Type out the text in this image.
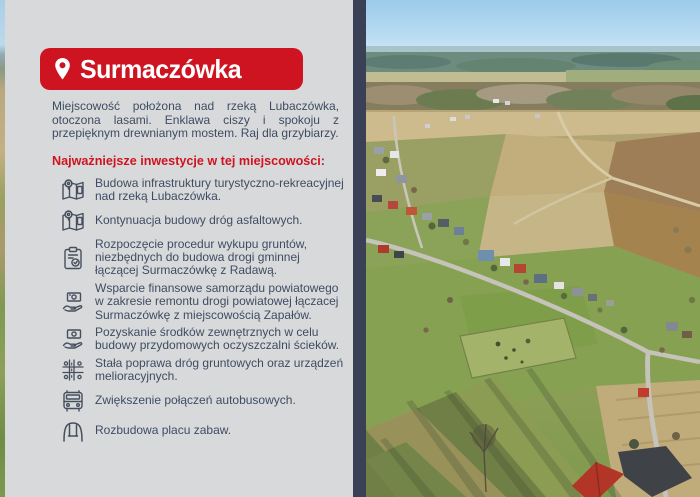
Surmaczówka

Miejscowość położona nad rzeką Lubaczówka, otoczona lasami. Enklawa ciszy i spokoju z przepięknym drewnianym mostem. Raj dla grzybiarzy.

Najważniejsze inwestycje w tej miejscowości:
Budowa infrastruktury turystyczno-rekreacyjnej nad rzeką Lubaczówka.
Kontynuacja budowy dróg asfaltowych.
Rozpoczęcie procedur wykupu gruntów, niezbędnych do budowa drogi gminnej łączącej Surmaczówkę z Radawą.
Wsparcie finansowe samorządu powiatowego w zakresie remontu drogi powiatowej łączacej Surmaczówkę z miejscowością Zapałów.
Pozyskanie środków zewnętrznych w celu budowy przydomowych oczyszczalni ścieków.
Stała poprawa dróg gruntowych oraz urządzeń melioracyjnych.
Zwiększenie połączeń autobusowych.
Rozbudowa placu zabaw.
